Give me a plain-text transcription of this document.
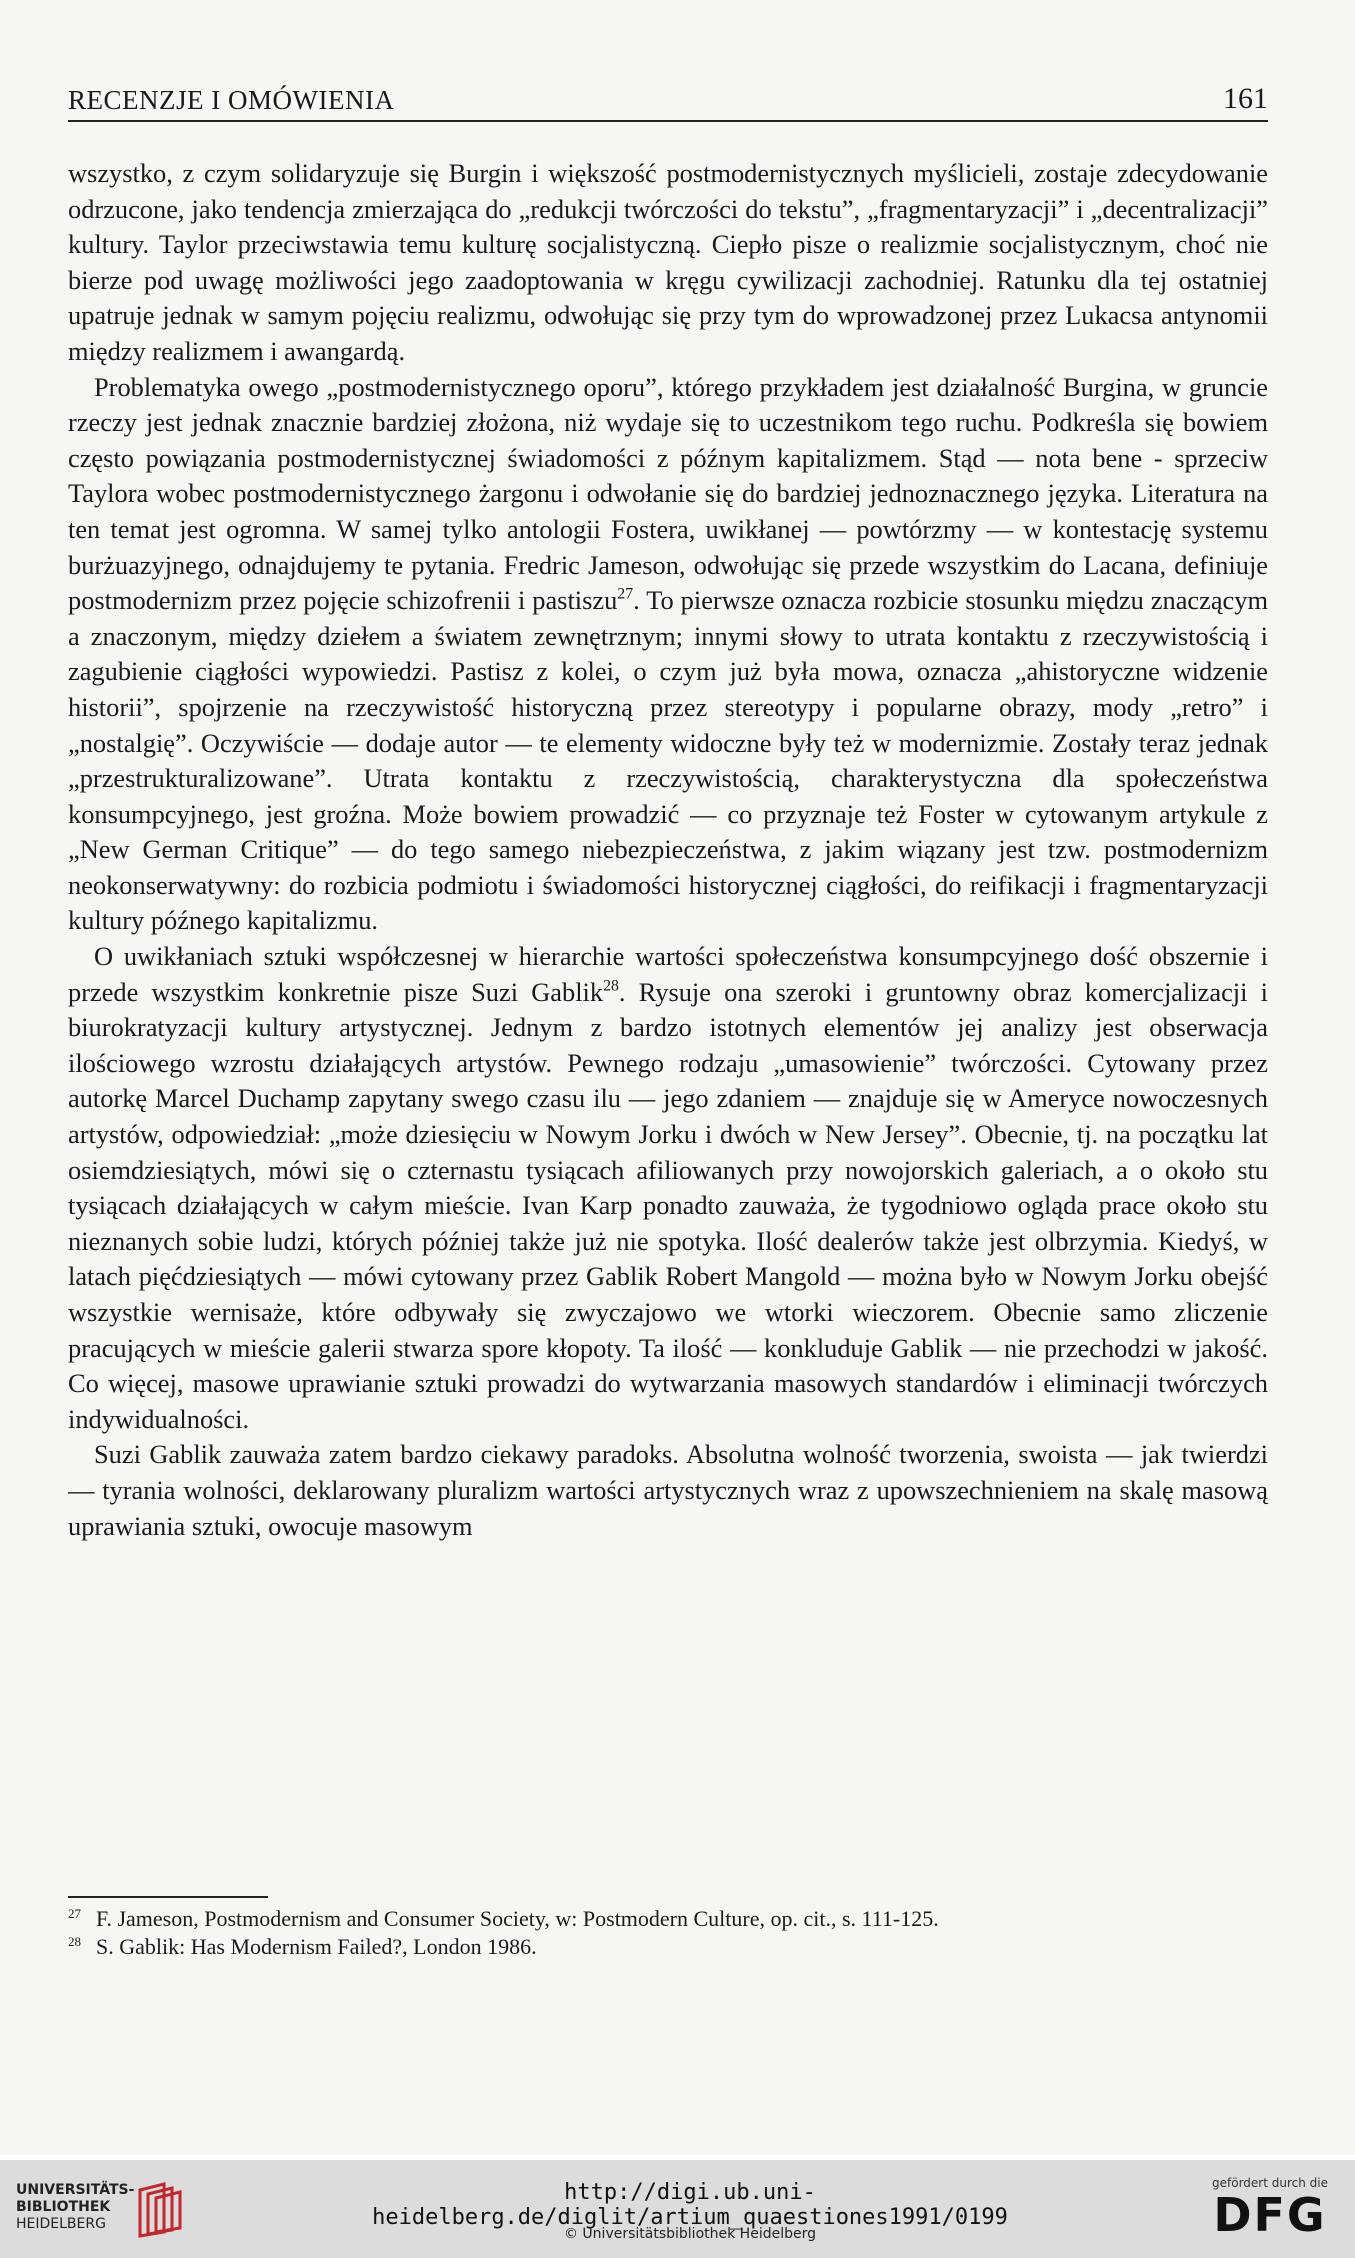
RECENZJE I OMÓWIENIA	161

wszystko, z czym solidaryzuje się Burgin i większość postmodernistycznych myślicieli, zostaje zdecydowanie odrzucone, jako tendencja zmierzająca do „redukcji twórczości do tekstu”, „fragmentaryzacji” i „decentralizacji” kultury. Taylor przeciwstawia temu kulturę socjalistyczną. Ciepło pisze o realizmie socjalistycznym, choć nie bierze pod uwagę możliwości jego zaadoptowania w kręgu cywilizacji zachodniej. Ratunku dla tej ostatniej upatruje jednak w samym pojęciu realizmu, odwołując się przy tym do wprowadzonej przez Lukacsa antynomii między realizmem i awangardą.

Problematyka owego „postmodernistycznego oporu”, którego przykładem jest działalność Burgina, w gruncie rzeczy jest jednak znacznie bardziej złożona, niż wydaje się to uczestnikom tego ruchu. Podkreśla się bowiem często powiązania postmodernistycznej świadomości z późnym kapitalizmem. Stąd — nota bene - sprzeciw Taylora wobec postmodernistycznego żargonu i odwołanie się do bardziej jednoznacznego języka. Literatura na ten temat jest ogromna. W samej tylko antologii Fostera, uwikłanej — powtórzmy — w kontestację systemu burżuazyjnego, odnajdujemy te pytania. Fredric Jameson, odwołując się przede wszystkim do Lacana, definiuje postmodernizm przez pojęcie schizofrenii i pastiszu$^{27}$. To pierwsze oznacza rozbicie stosunku międzu znaczącym a znaczonym, między dziełem a światem zewnętrznym; innymi słowy to utrata kontaktu z rzeczywistością i zagubienie ciągłości wypowiedzi. Pastisz z kolei, o czym już była mowa, oznacza „ahistoryczne widzenie historii”, spojrzenie na rzeczywistość historyczną przez stereotypy i popularne obrazy, mody „retro” i „nostalgię”. Oczywiście — dodaje autor — te elementy widoczne były też w modernizmie. Zostały teraz jednak „przestrukturalizowane”. Utrata kontaktu z rzeczywistością, charakterystyczna dla społeczeństwa konsumpcyjnego, jest groźna. Może bowiem prowadzić — co przyznaje też Foster w cytowanym artykule z „New German Critique” — do tego samego niebezpieczeństwa, z jakim wiązany jest tzw. postmodernizm neokonserwatywny: do rozbicia podmiotu i świadomości historycznej ciągłości, do reifikacji i fragmentaryzacji kultury późnego kapitalizmu.

O uwikłaniach sztuki współczesnej w hierarchie wartości społeczeństwa konsumpcyjnego dość obszernie i przede wszystkim konkretnie pisze Suzi Gablik$^{28}$. Rysuje ona szeroki i gruntowny obraz komercjalizacji i biurokratyzacji kultury artystycznej. Jednym z bardzo istotnych elementów jej analizy jest obserwacja ilościowego wzrostu działających artystów. Pewnego rodzaju „umasowienie” twórczości. Cytowany przez autorkę Marcel Duchamp zapytany swego czasu ilu — jego zdaniem — znajduje się w Ameryce nowoczesnych artystów, odpowiedział: „może dziesięciu w Nowym Jorku i dwóch w New Jersey”. Obecnie, tj. na początku lat osiemdziesiątych, mówi się o czternastu tysiącach afiliowanych przy nowojorskich galeriach, a o około stu tysiącach działających w całym mieście. Ivan Karp ponadto zauważa, że tygodniowo ogląda prace około stu nieznanych sobie ludzi, których później także już nie spotyka. Ilość dealerów także jest olbrzymia. Kiedyś, w latach pięćdziesiątych — mówi cytowany przez Gablik Robert Mangold — można było w Nowym Jorku obejść wszystkie wernisaże, które odbywały się zwyczajowo we wtorki wieczorem. Obecnie samo zliczenie pracujących w mieście galerii stwarza spore kłopoty. Ta ilość — konkluduje Gablik — nie przechodzi w jakość. Co więcej, masowe uprawianie sztuki prowadzi do wytwarzania masowych standardów i eliminacji twórczych indywidualności.

Suzi Gablik zauważa zatem bardzo ciekawy paradoks. Absolutna wolność tworzenia, swoista — jak twierdzi — tyrania wolności, deklarowany pluralizm wartości artystycznych wraz z upowszechnieniem na skalę masową uprawiania sztuki, owocuje masowym

27 F. Jameson, Postmodernism and Consumer Society, w: Postmodern Culture, op. cit., s. 111-125.
28 S. Gablik: Has Modernism Failed?, London 1986.
UNIVERSITÄTS-
BIBLIOTHEK
HEIDELBERG
http://digi.ub.uni-heidelberg.de/diglit/artium_quaestiones1991/0199
© Universitätsbibliothek Heidelberg
gefördert durch die
DFG
